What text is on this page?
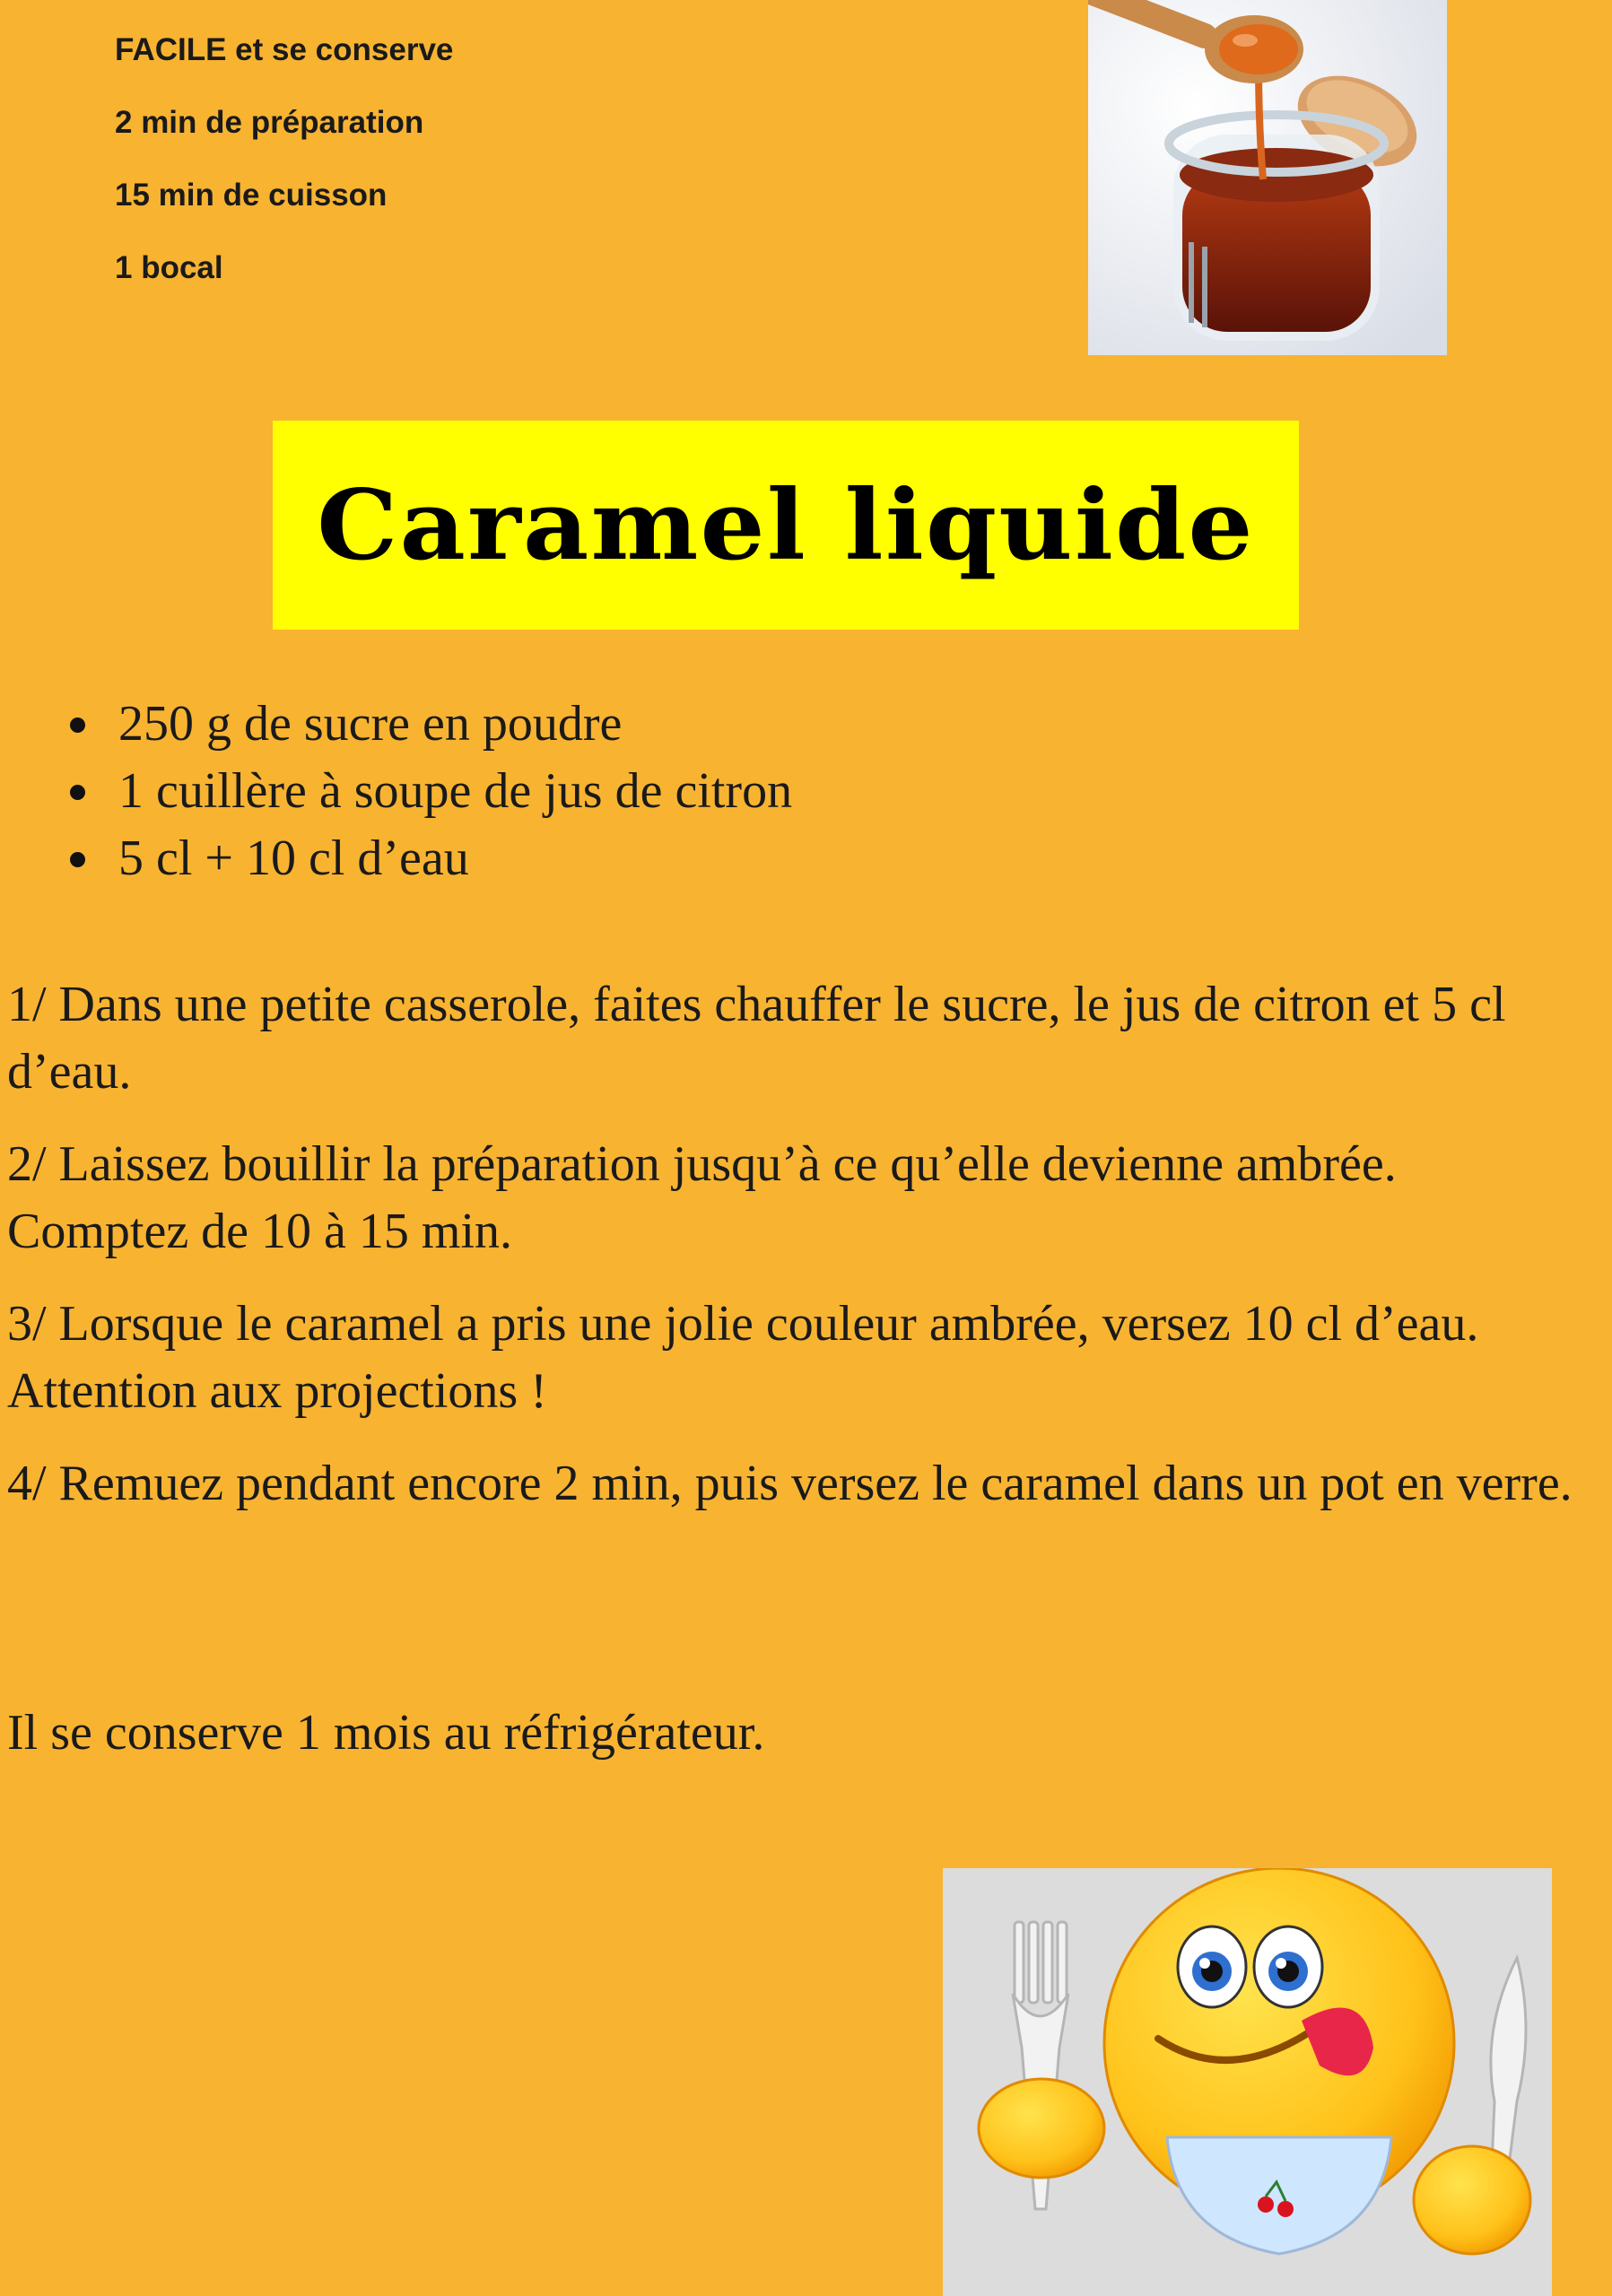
FACILE et se conserve
2 min de préparation
15 min de cuisson
1 bocal
Caramel liquide
250 g de sucre en poudre
1 cuillère à soupe de jus de citron
5 cl + 10 cl d’eau
1/ Dans une petite casserole, faites chauffer le sucre, le jus de citron et 5 cl d’eau.
2/ Laissez bouillir la préparation jusqu’à ce qu’elle devienne ambrée. Comptez de 10 à 15 min.
3/ Lorsque le caramel a pris une jolie couleur ambrée, versez 10 cl d’eau. Attention aux projections !
4/ Remuez pendant encore 2 min, puis versez le caramel dans un pot en verre.
Il se conserve 1 mois au réfrigérateur.
